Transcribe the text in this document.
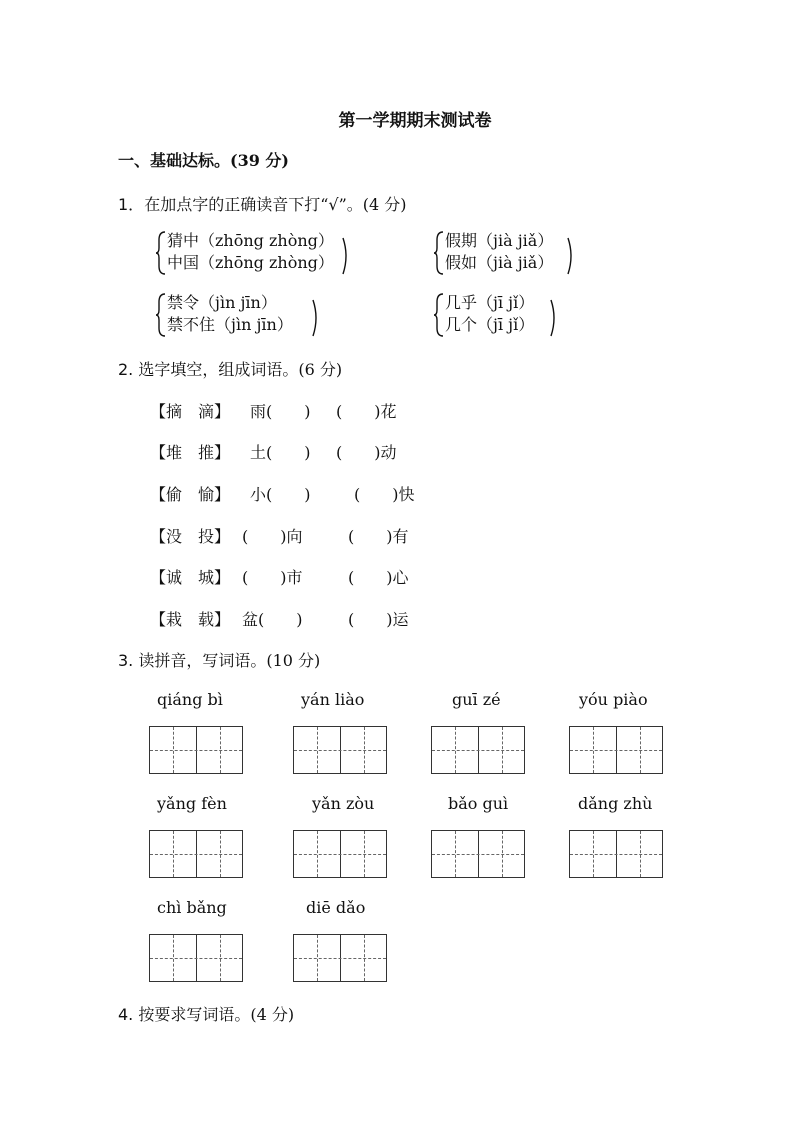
第一学期期末测试卷
一、基础达标。(39 分)
1．在加点字的正确读音下打“√”。(4 分)
猜中（zhōng zhòng）
中国（zhōng zhòng）
假期（jià jiǎ）
假如（jià jiǎ）
禁令（jìn jīn）
禁不住（jìn jīn）
几乎（jī jǐ）
几个（jī jǐ）
2. 选字填空，组成词语。(6 分)
【摘　滴】 雨(　　) (　　)花
【堆　推】 土(　　) (　　)动
【偷　愉】 小(　　)	(　　)快
【没　投】 (　　)向	(　　)有
【诚　城】 (　　)市	(　　)心
【栽　载】 盆(　　)	(　　)运
3. 读拼音，写词语。(10 分)
qiáng bì	yán liào	guī zé	yóu piào
yǎng fèn	yǎn zòu	bǎo guì	dǎng zhù
chì bǎng	diē dǎo
4. 按要求写词语。(4 分)
